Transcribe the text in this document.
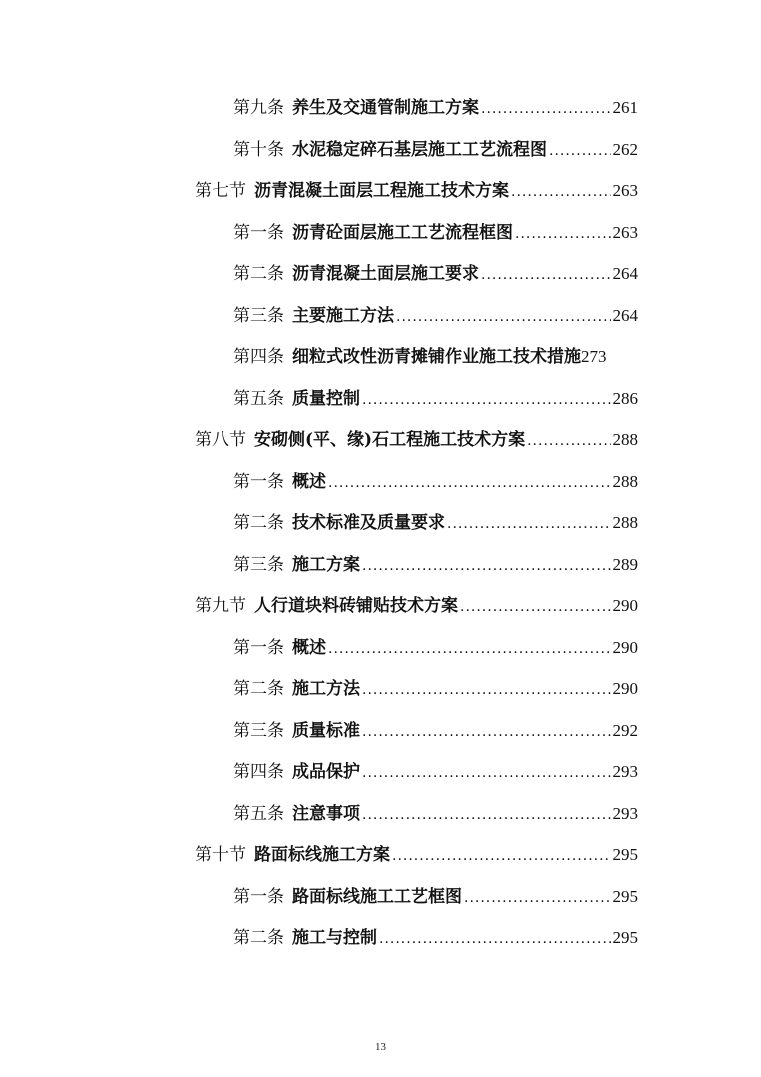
第九条 养生及交通管制施工方案 .....	261
第十条 水泥稳定碎石基层施工工艺流程图 .....	262
第七节 沥青混凝土面层工程施工技术方案 .....	263
第一条 沥青砼面层施工工艺流程框图 .....	263
第二条 沥青混凝土面层施工要求 .....	264
第三条 主要施工方法 .....	264
第四条 细粒式改性沥青摊铺作业施工技术措施 273
第五条 质量控制 .....	286
第八节 安砌侧(平、缘)石工程施工技术方案 .....	288
第一条 概述 .....	288
第二条 技术标准及质量要求 .....	288
第三条 施工方案 .....	289
第九节 人行道块料砖铺贴技术方案 .....	290
第一条 概述 .....	290
第二条 施工方法 .....	290
第三条 质量标准 .....	292
第四条 成品保护 .....	293
第五条 注意事项 .....	293
第十节 路面标线施工方案 .....	295
第一条 路面标线施工工艺框图 .....	295
第二条 施工与控制 .....	295
13
